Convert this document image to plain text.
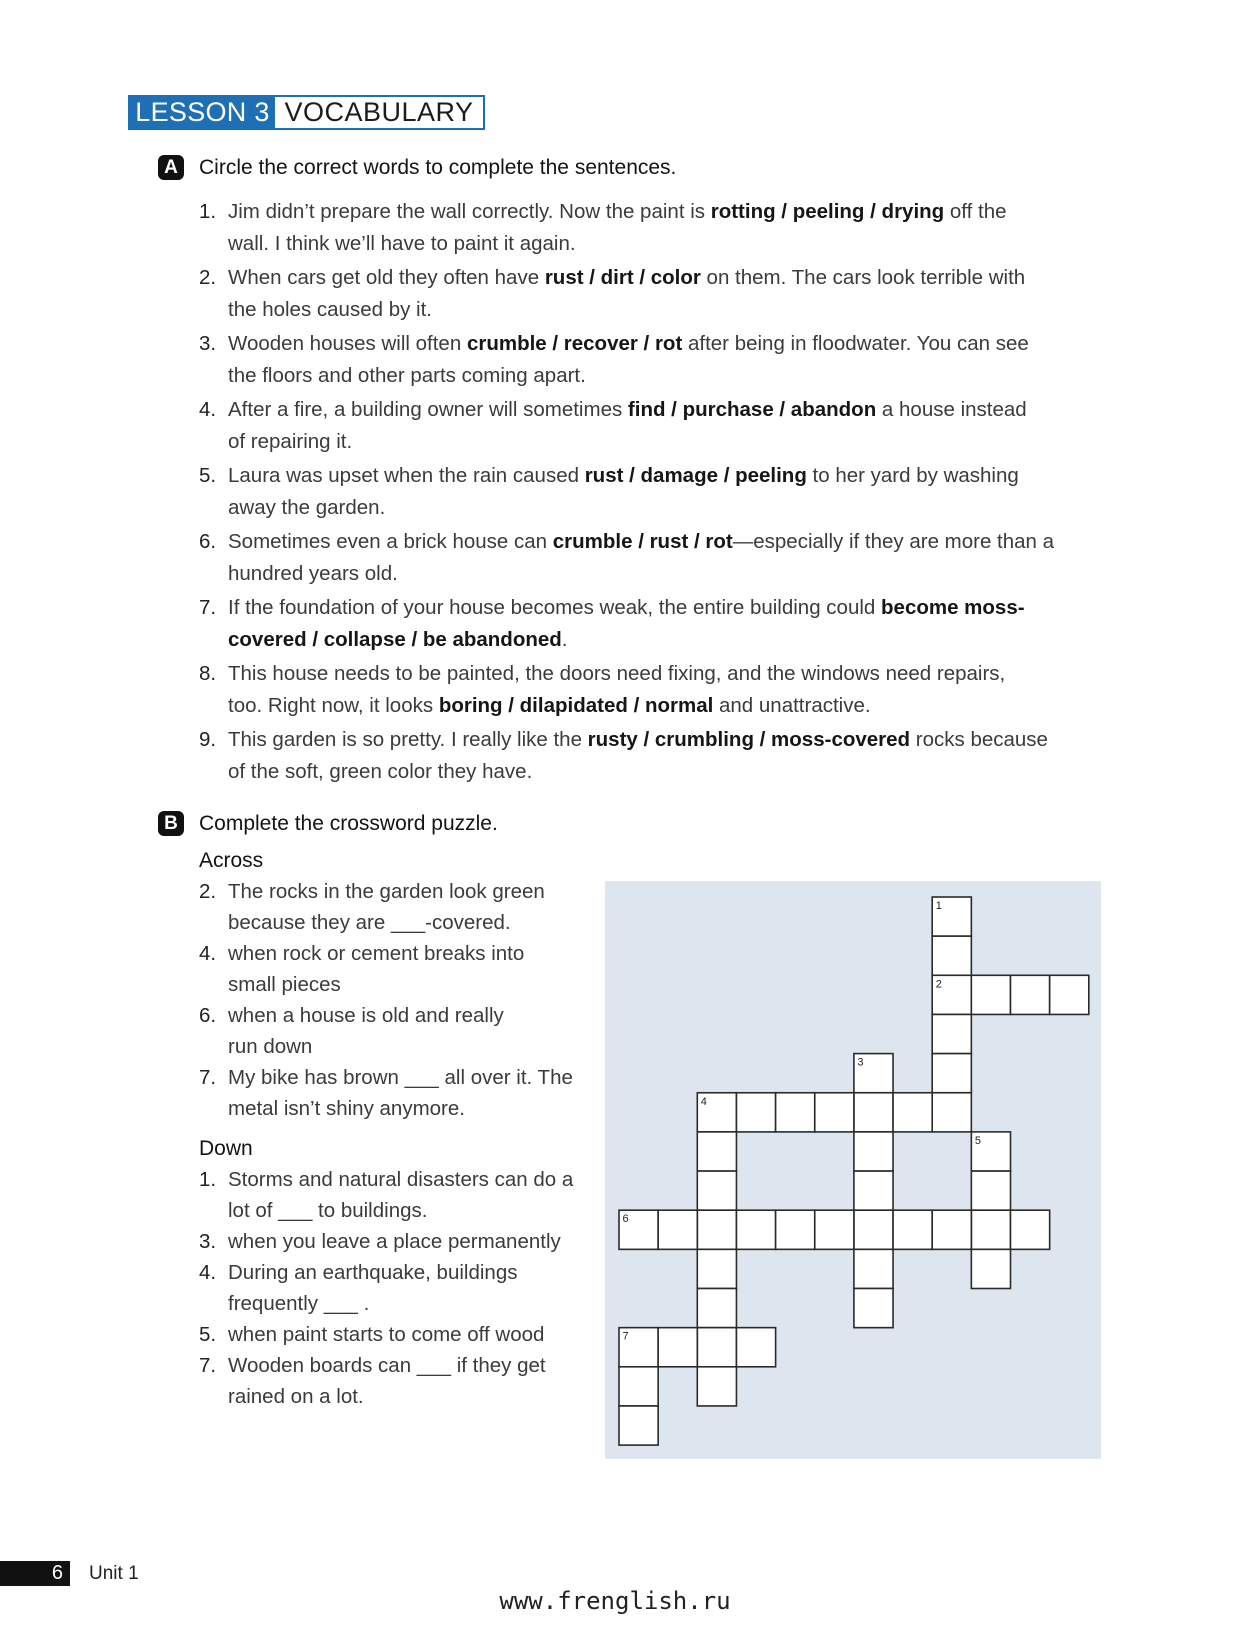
LESSON 3 VOCABULARY
A Circle the correct words to complete the sentences.
1. Jim didn’t prepare the wall correctly. Now the paint is rotting / peeling / drying off the
wall. I think we’ll have to paint it again.
2. When cars get old they often have rust / dirt / color on them. The cars look terrible with
the holes caused by it.
3. Wooden houses will often crumble / recover / rot after being in floodwater. You can see
the floors and other parts coming apart.
4. After a fire, a building owner will sometimes find / purchase / abandon a house instead
of repairing it.
5. Laura was upset when the rain caused rust / damage / peeling to her yard by washing
away the garden.
6. Sometimes even a brick house can crumble / rust / rot—especially if they are more than a
hundred years old.
7. If the foundation of your house becomes weak, the entire building could become moss-
covered / collapse / be abandoned.
8. This house needs to be painted, the doors need fixing, and the windows need repairs,
too. Right now, it looks boring / dilapidated / normal and unattractive.
9. This garden is so pretty. I really like the rusty / crumbling / moss-covered rocks because
of the soft, green color they have.
B Complete the crossword puzzle.
Across
2. The rocks in the garden look green
because they are ___-covered.
4. when rock or cement breaks into
small pieces
6. when a house is old and really
run down
7. My bike has brown ___ all over it. The
metal isn’t shiny anymore.
Down
1. Storms and natural disasters can do a
lot of ___ to buildings.
3. when you leave a place permanently
4. During an earthquake, buildings
frequently ___ .
5. when paint starts to come off wood
7. Wooden boards can ___ if they get
rained on a lot.
1
2
3
4
5
6
7
6	Unit 1
www.frenglish.ru
